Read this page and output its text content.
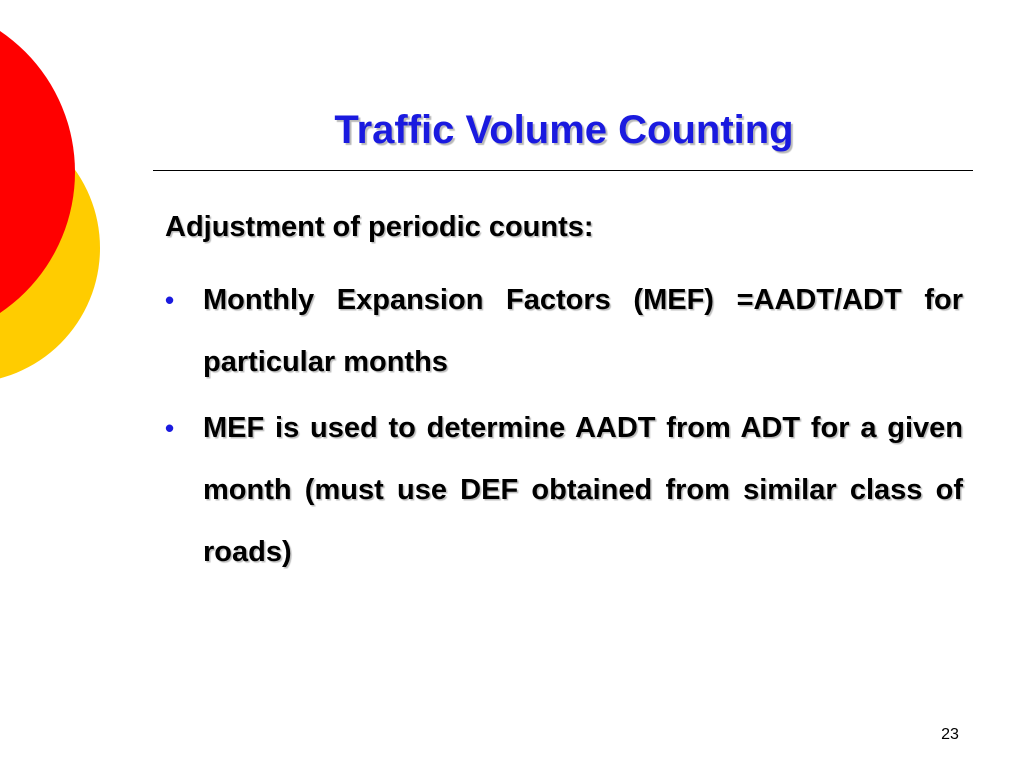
Traffic Volume Counting

Adjustment of periodic counts:

• Monthly Expansion Factors (MEF) =AADT/ADT for particular months
• MEF is used to determine AADT from ADT for a given month (must use DEF obtained from similar class of roads)
23
